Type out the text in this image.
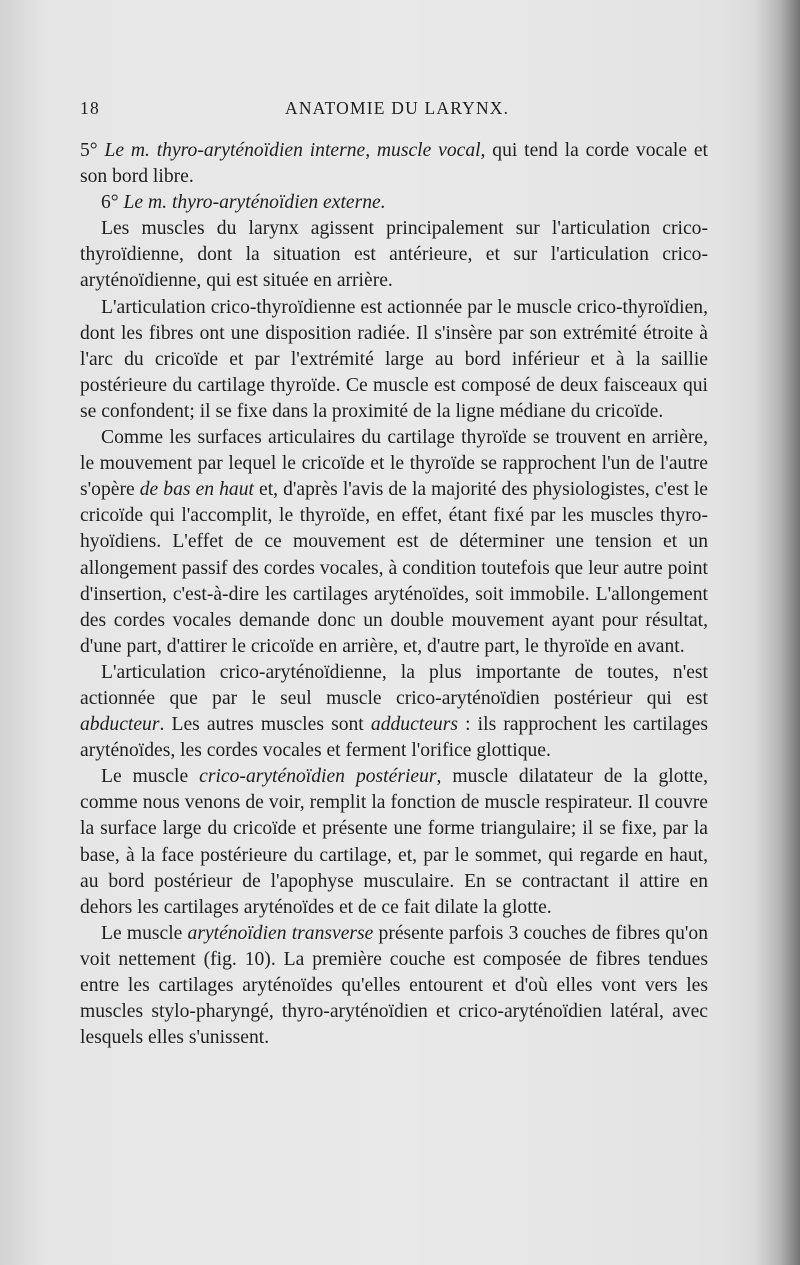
18	ANATOMIE DU LARYNX.

5° Le m. thyro-aryténoïdien interne, muscle vocal, qui tend la corde vocale et son bord libre.

6° Le m. thyro-aryténoïdien externe.

Les muscles du larynx agissent principalement sur l'articulation crico-thyroïdienne, dont la situation est antérieure, et sur l'articulation crico-aryténoïdienne, qui est située en arrière.

L'articulation crico-thyroïdienne est actionnée par le muscle crico-thyroïdien, dont les fibres ont une disposition radiée. Il s'insère par son extrémité étroite à l'arc du cricoïde et par l'extrémité large au bord inférieur et à la saillie postérieure du cartilage thyroïde. Ce muscle est composé de deux faisceaux qui se confondent; il se fixe dans la proximité de la ligne médiane du cricoïde.

Comme les surfaces articulaires du cartilage thyroïde se trouvent en arrière, le mouvement par lequel le cricoïde et le thyroïde se rapprochent l'un de l'autre s'opère de bas en haut et, d'après l'avis de la majorité des physiologistes, c'est le cricoïde qui l'accomplit, le thyroïde, en effet, étant fixé par les muscles thyro-hyoïdiens. L'effet de ce mouvement est de déterminer une tension et un allongement passif des cordes vocales, à condition toutefois que leur autre point d'insertion, c'est-à-dire les cartilages aryténoïdes, soit immobile. L'allongement des cordes vocales demande donc un double mouvement ayant pour résultat, d'une part, d'attirer le cricoïde en arrière, et, d'autre part, le thyroïde en avant.

L'articulation crico-aryténoïdienne, la plus importante de toutes, n'est actionnée que par le seul muscle crico-aryténoïdien postérieur qui est abducteur. Les autres muscles sont adducteurs : ils rapprochent les cartilages aryténoïdes, les cordes vocales et ferment l'orifice glottique.

Le muscle crico-aryténoïdien postérieur, muscle dilatateur de la glotte, comme nous venons de voir, remplit la fonction de muscle respirateur. Il couvre la surface large du cricoïde et présente une forme triangulaire; il se fixe, par la base, à la face postérieure du cartilage, et, par le sommet, qui regarde en haut, au bord postérieur de l'apophyse musculaire. En se contractant il attire en dehors les cartilages aryténoïdes et de ce fait dilate la glotte.

Le muscle aryténoïdien transverse présente parfois 3 couches de fibres qu'on voit nettement (fig. 10). La première couche est composée de fibres tendues entre les cartilages aryténoïdes qu'elles entourent et d'où elles vont vers les muscles stylo-pharyngé, thyro-aryténoïdien et crico-aryténoïdien latéral, avec lesquels elles s'unissent.
